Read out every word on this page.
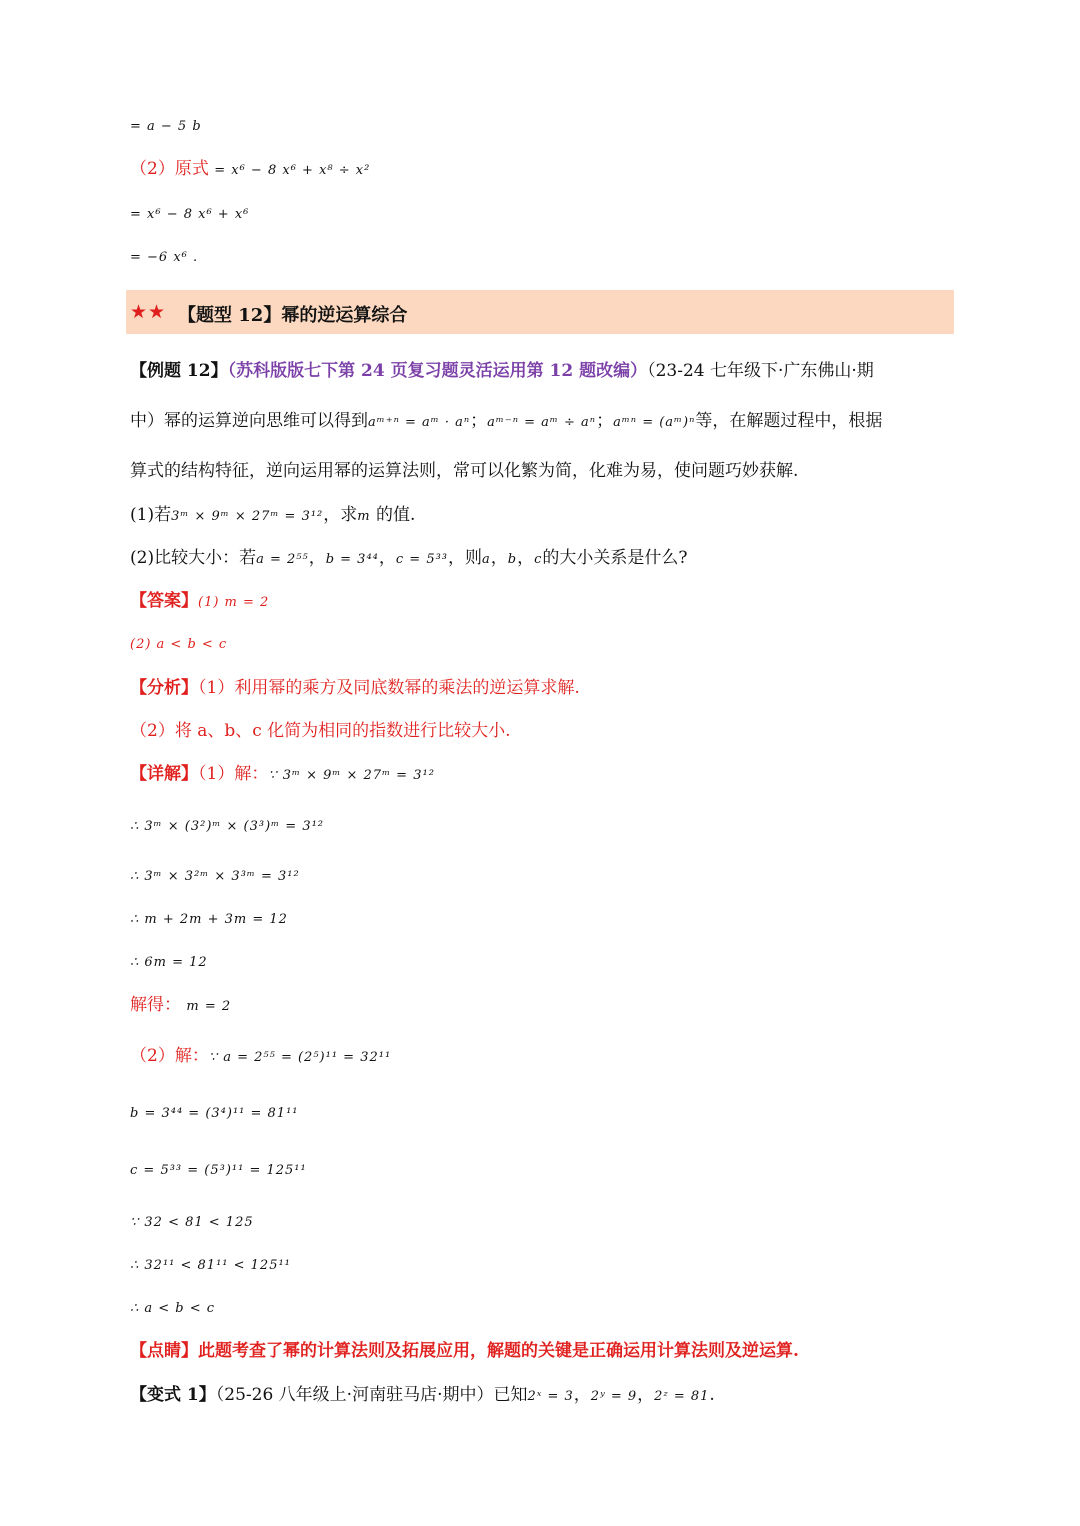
= a − 5 b
（2）原式 = x⁶ − 8 x⁶ + x⁸ ÷ x²
= x⁶ − 8 x⁶ + x⁶
= −6 x⁶ .
★★ 【题型 12】幂的逆运算综合
【例题 12】（苏科版版七下第 24 页复习题灵活运用第 12 题改编）（23-24 七年级下·广东佛山·期
中）幂的运算逆向思维可以得到aᵐ⁺ⁿ = aᵐ · aⁿ；aᵐ⁻ⁿ = aᵐ ÷ aⁿ；aᵐⁿ = (aᵐ)ⁿ等，在解题过程中，根据
算式的结构特征，逆向运用幂的运算法则，常可以化繁为简，化难为易，使问题巧妙获解.
(1)若3ᵐ × 9ᵐ × 27ᵐ = 3¹²，求m 的值.
(2)比较大小：若a = 2⁵⁵，b = 3⁴⁴，c = 5³³，则a，b，c的大小关系是什么?
【答案】(1) m = 2
(2) a < b < c
【分析】（1）利用幂的乘方及同底数幂的乘法的逆运算求解.
（2）将 a、b、c 化简为相同的指数进行比较大小.
【详解】（1）解：∵ 3ᵐ × 9ᵐ × 27ᵐ = 3¹²
∴ 3ᵐ × (3²)ᵐ × (3³)ᵐ = 3¹²
∴ 3ᵐ × 3²ᵐ × 3³ᵐ = 3¹²
∴ m + 2m + 3m = 12
∴ 6m = 12
解得： m = 2
（2）解：∵ a = 2⁵⁵ = (2⁵)¹¹ = 32¹¹
b = 3⁴⁴ = (3⁴)¹¹ = 81¹¹
c = 5³³ = (5³)¹¹ = 125¹¹
∵ 32 < 81 < 125
∴ 32¹¹ < 81¹¹ < 125¹¹
∴ a < b < c
【点睛】此题考查了幂的计算法则及拓展应用，解题的关键是正确运用计算法则及逆运算.
【变式 1】（25-26 八年级上·河南驻马店·期中）已知2ˣ = 3，2ʸ = 9，2ᶻ = 81.
